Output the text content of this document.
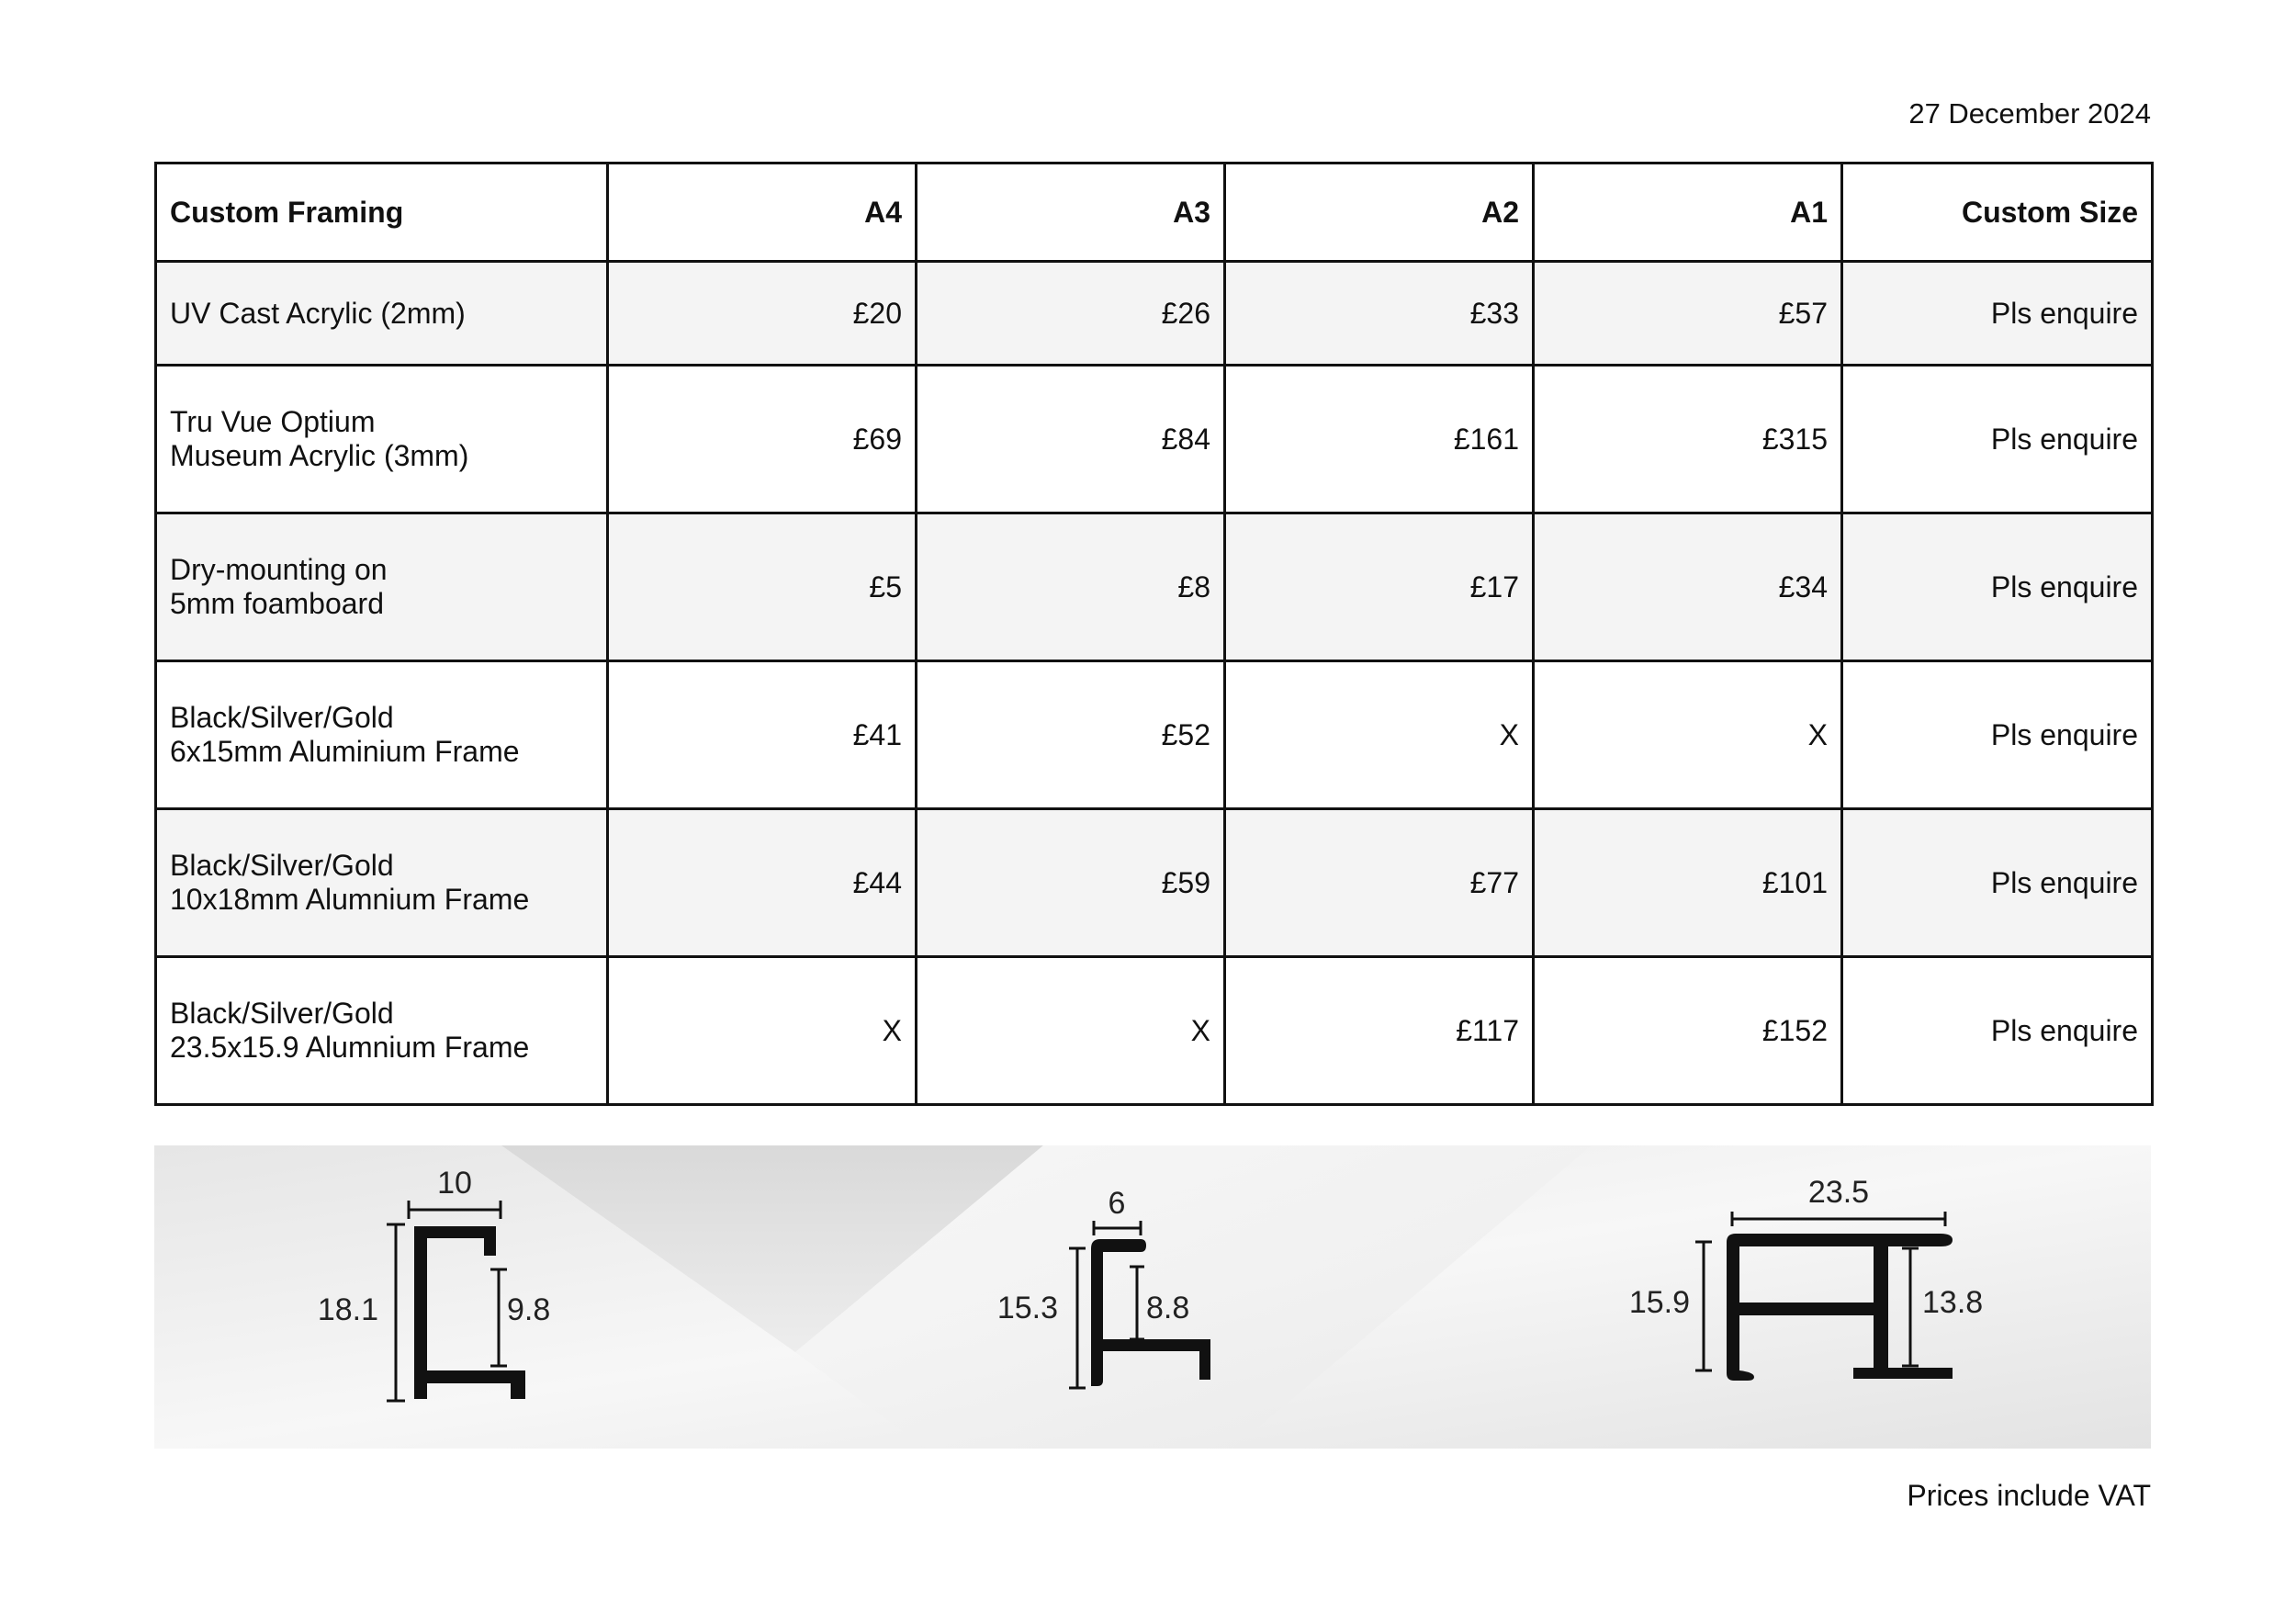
27 December 2024
Custom Framing	A4	A3	A2	A1	Custom Size

UV Cast Acrylic (2mm)	£20	£26	£33	£57	Pls enquire

Tru Vue Optium
Museum Acrylic (3mm)	£69	£84	£161	£315	Pls enquire

Dry-mounting on
5mm foamboard	£5	£8	£17	£34	Pls enquire

Black/Silver/Gold
6x15mm Aluminium Frame	£41	£52	X	X	Pls enquire

Black/Silver/Gold
10x18mm Alumnium Frame	£44	£59	£77	£101	Pls enquire

Black/Silver/Gold
23.5x15.9 Alumnium Frame	X	X	£117	£152	Pls enquire
10
18.1	9.8
6
15.3	8.8
23.5
15.9	13.8
Prices include VAT
